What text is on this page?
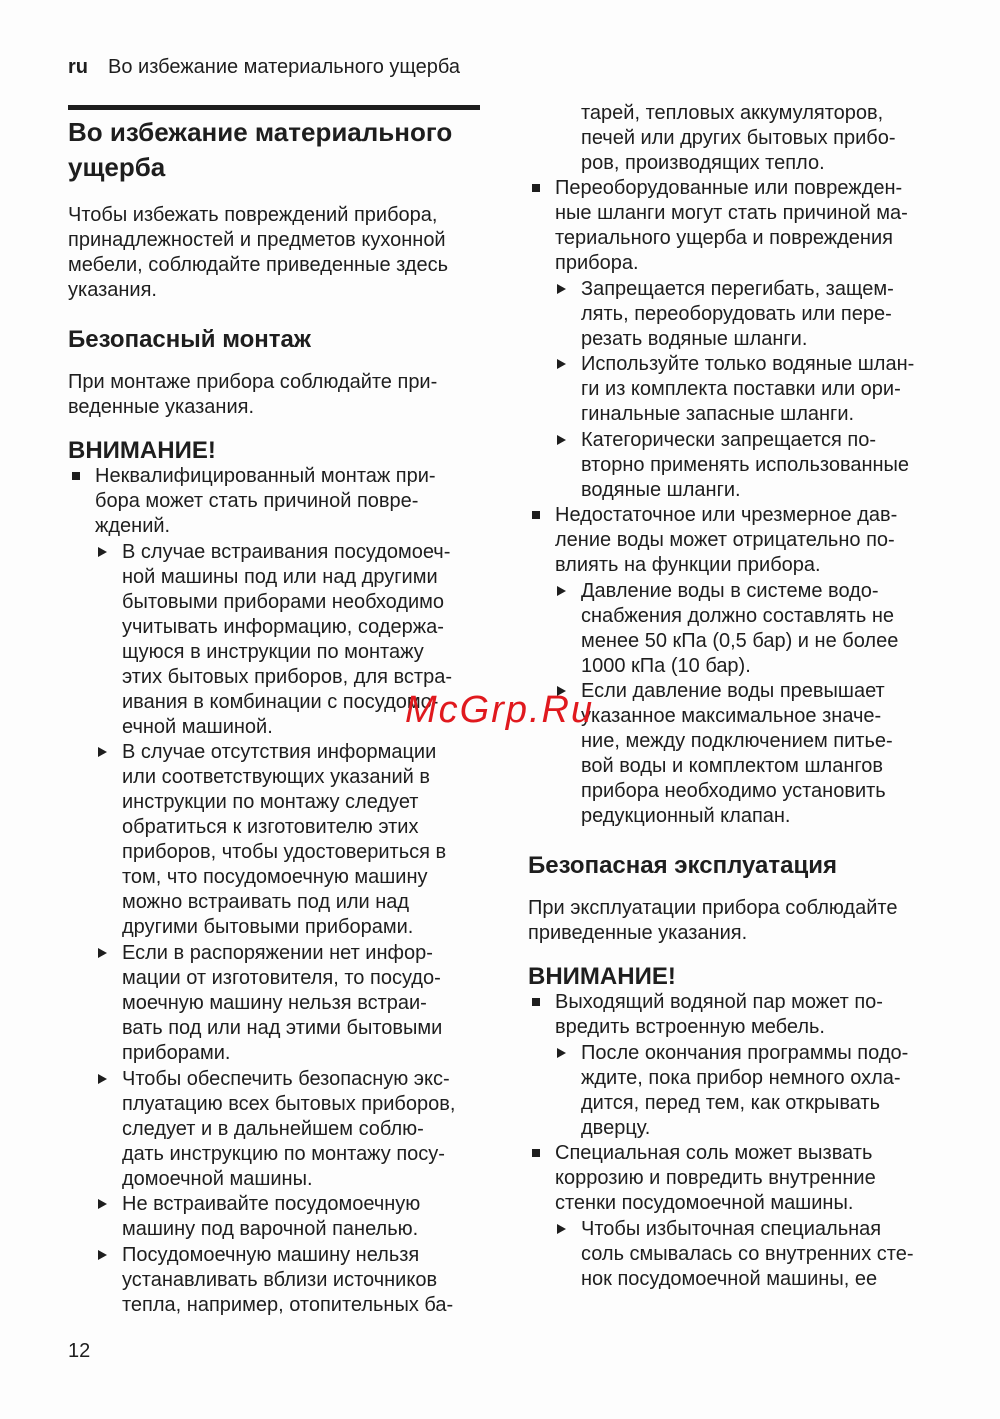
ru Во избежание материального ущерба
Во избежание материального
ущерба
Чтобы избежать повреждений прибора,
принадлежностей и предметов кухонной
мебели, соблюдайте приведенные здесь
указания.
Безопасный монтаж
При монтаже прибора соблюдайте при-
веденные указания.
ВНИМАНИЕ!
Неквалифицированный монтаж при-
бора может стать причиной повре-
ждений.
В случае встраивания посудомоеч-
ной машины под или над другими
бытовыми приборами необходимо
учитывать информацию, содержа-
щуюся в инструкции по монтажу
этих бытовых приборов, для встра-
ивания в комбинации с посудомо-
ечной машиной.
В случае отсутствия информации
или соответствующих указаний в
инструкции по монтажу следует
обратиться к изготовителю этих
приборов, чтобы удостовериться в
том, что посудомоечную машину
можно встраивать под или над
другими бытовыми приборами.
Если в распоряжении нет инфор-
мации от изготовителя, то посудо-
моечную машину нельзя встраи-
вать под или над этими бытовыми
приборами.
Чтобы обеспечить безопасную экс-
плуатацию всех бытовых приборов,
следует и в дальнейшем соблю-
дать инструкцию по монтажу посу-
домоечной машины.
Не встраивайте посудомоечную
машину под варочной панелью.
Посудомоечную машину нельзя
устанавливать вблизи источников
тепла, например, отопительных ба-
тарей, тепловых аккумуляторов,
печей или других бытовых прибо-
ров, производящих тепло.
Переоборудованные или поврежден-
ные шланги могут стать причиной ма-
териального ущерба и повреждения
прибора.
Запрещается перегибать, защем-
лять, переоборудовать или пере-
резать водяные шланги.
Используйте только водяные шлан-
ги из комплекта поставки или ори-
гинальные запасные шланги.
Категорически запрещается по-
вторно применять использованные
водяные шланги.
Недостаточное или чрезмерное дав-
ление воды может отрицательно по-
влиять на функции прибора.
Давление воды в системе водо-
снабжения должно составлять не
менее 50 кПа (0,5 бар) и не более
1000 кПа (10 бар).
Если давление воды превышает
указанное максимальное значе-
ние, между подключением питье-
вой воды и комплектом шлангов
прибора необходимо установить
редукционный клапан.
Безопасная эксплуатация
При эксплуатации прибора соблюдайте
приведенные указания.
ВНИМАНИЕ!
Выходящий водяной пар может по-
вредить встроенную мебель.
После окончания программы подо-
ждите, пока прибор немного охла-
дится, перед тем, как открывать
дверцу.
Специальная соль может вызвать
коррозию и повредить внутренние
стенки посудомоечной машины.
Чтобы избыточная специальная
соль смывалась со внутренних сте-
нок посудомоечной машины, ее
12
McGrp.Ru
